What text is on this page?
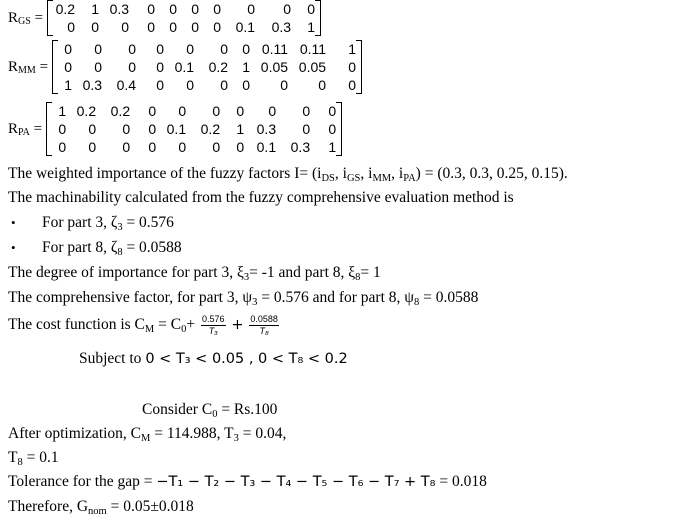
$R_{GS}$ =
0.2	1 0.3	0	0	0	0	0	0	0
0	0	0	0	0	0	0	0.1	0.3	1
$R_{MM}$ =
0	0	0	0	0	0	0 0.11 0.11	1
0	0	0	0 0.1	0.2	1 0.05 0.05	0
1 0.3	0.4	0	0	0	0	0	0	0
$R_{PA}$ =
1 0.2	0.2	0	0	0	0	0	0	0
0	0	0	0 0.1	0.2	1 0.3	0	0
0	0	0	0	0	0	0 0.1	0.3	1
The weighted importance of the fuzzy factors $I= (i_{DS}$, $i_{GS}$, $i_{MM}$, $i_{PA}) = (0.3$, 0.3, 0.25, 0.15).
The machinability calculated from the fuzzy comprehensive evaluation method is
• For part 3, $\zeta_3 = 0.576$
• For part 8, $\zeta_8 = 0.0588$
The degree of importance for part 3, $\xi_3= -1$ and part 8, $\xi_8= 1$
The comprehensive factor, for part 3, $\psi_3 = 0.576$ and for part 8, $\psi_8 = 0.0588$
The cost function is $C_M = C_0+ \frac{0.576}{\text{T₃}} + \frac{0.0588}{\text{T₈}}$
Subject to 0 < T₃ < 0.05 , 0 < T₈ < 0.2
Consider $C_0 = Rs.100$
After optimization, $C_M = 114.988$, $T_3 = 0.04$,
$T_8 = 0.1$
Tolerance for the gap = −T₁ − T₂ − T₃ − T₄ − T₅ − T₆ − T₇ + T₈ = 0.018
Therefore, $G_{nom} = 0.05\pm 0.018$
